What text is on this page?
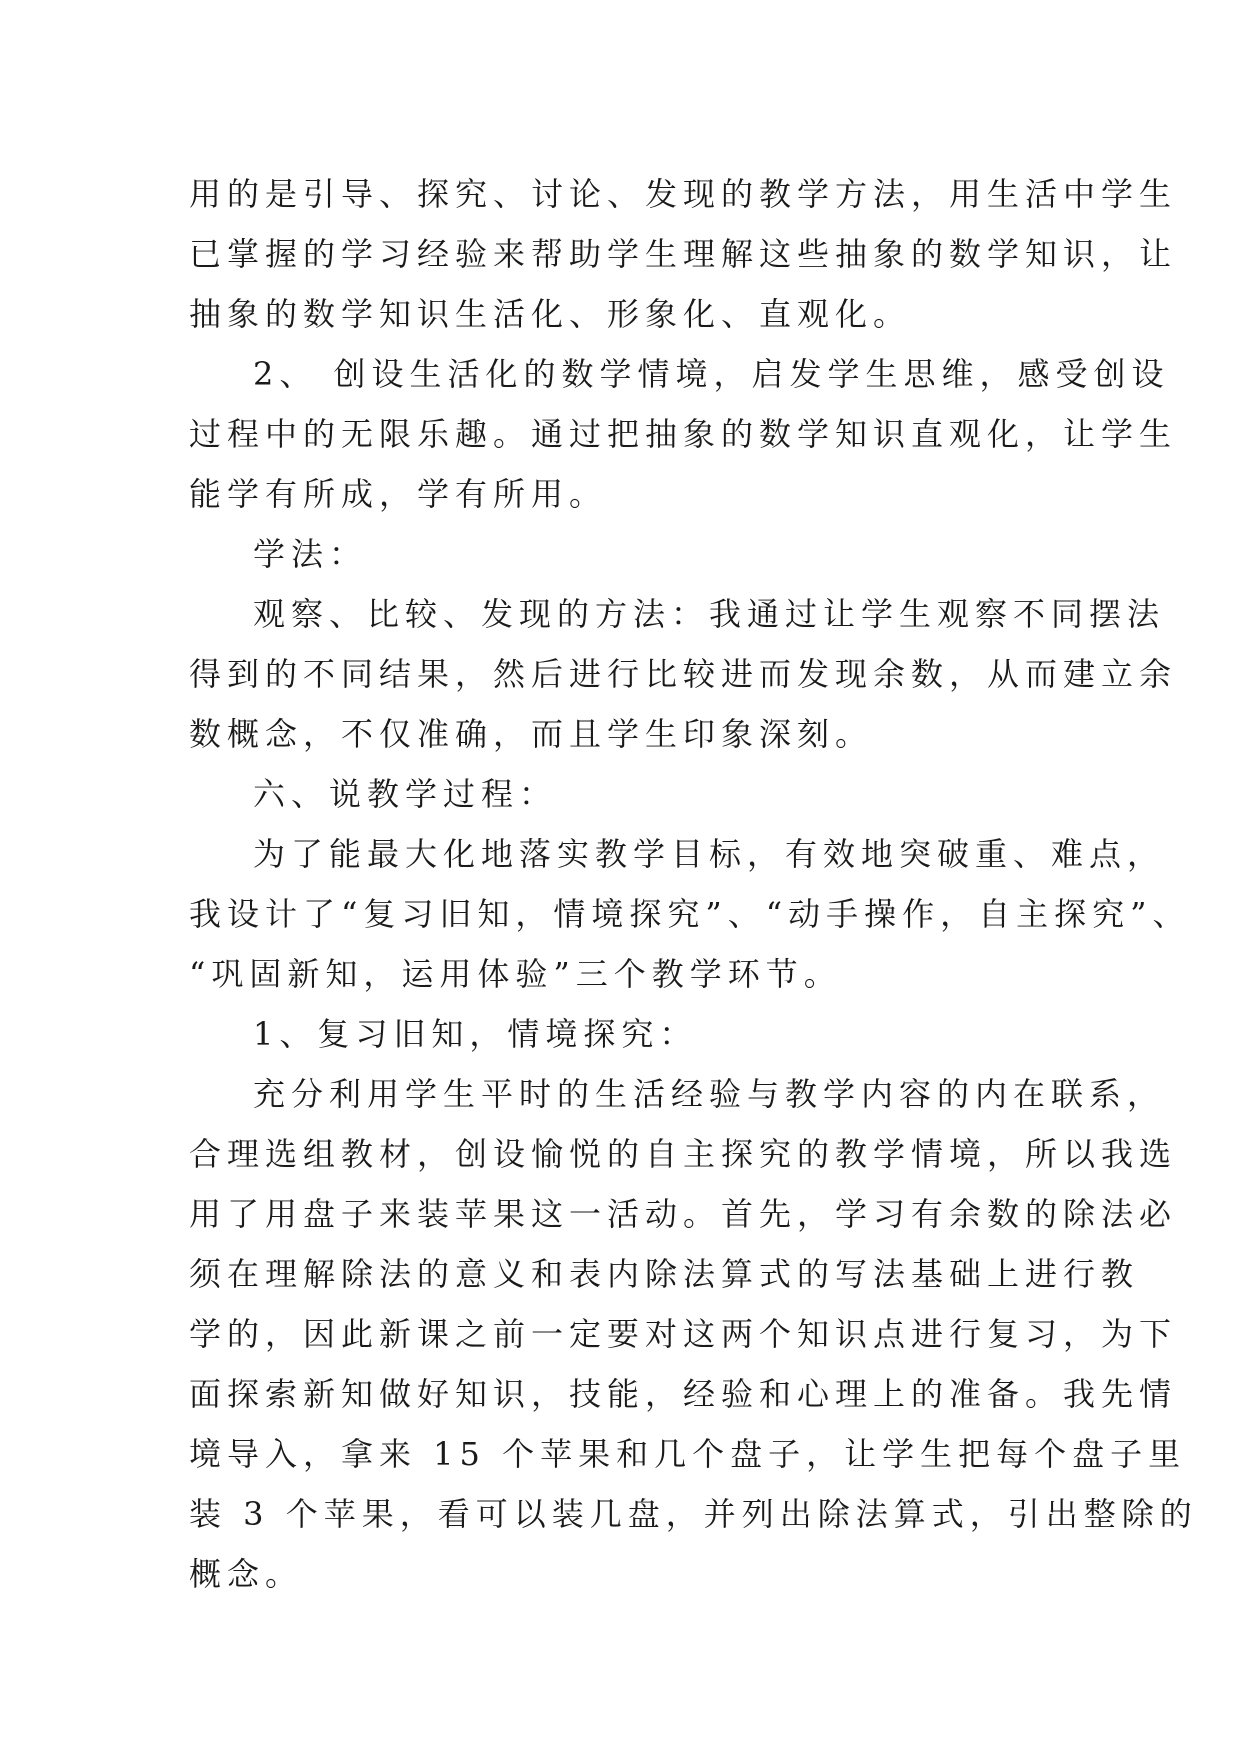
用的是引导、探究、讨论、发现的教学方法，用生活中学生
已掌握的学习经验来帮助学生理解这些抽象的数学知识，让
抽象的数学知识生活化、形象化、直观化。
2、 创设生活化的数学情境，启发学生思维，感受创设
过程中的无限乐趣。通过把抽象的数学知识直观化，让学生
能学有所成，学有所用。
学法：
观察、比较、发现的方法：我通过让学生观察不同摆法
得到的不同结果，然后进行比较进而发现余数，从而建立余
数概念，不仅准确，而且学生印象深刻。
六、说教学过程：
为了能最大化地落实教学目标，有效地突破重、难点，
我设计了“复习旧知，情境探究”、“动手操作，自主探究”、
“巩固新知，运用体验”三个教学环节。
1、复习旧知，情境探究：
充分利用学生平时的生活经验与教学内容的内在联系，
合理选组教材，创设愉悦的自主探究的教学情境，所以我选
用了用盘子来装苹果这一活动。首先，学习有余数的除法必
须在理解除法的意义和表内除法算式的写法基础上进行教
学的，因此新课之前一定要对这两个知识点进行复习，为下
面探索新知做好知识，技能，经验和心理上的准备。我先情
境导入，拿来 15 个苹果和几个盘子，让学生把每个盘子里
装 3 个苹果，看可以装几盘，并列出除法算式，引出整除的
概念。
